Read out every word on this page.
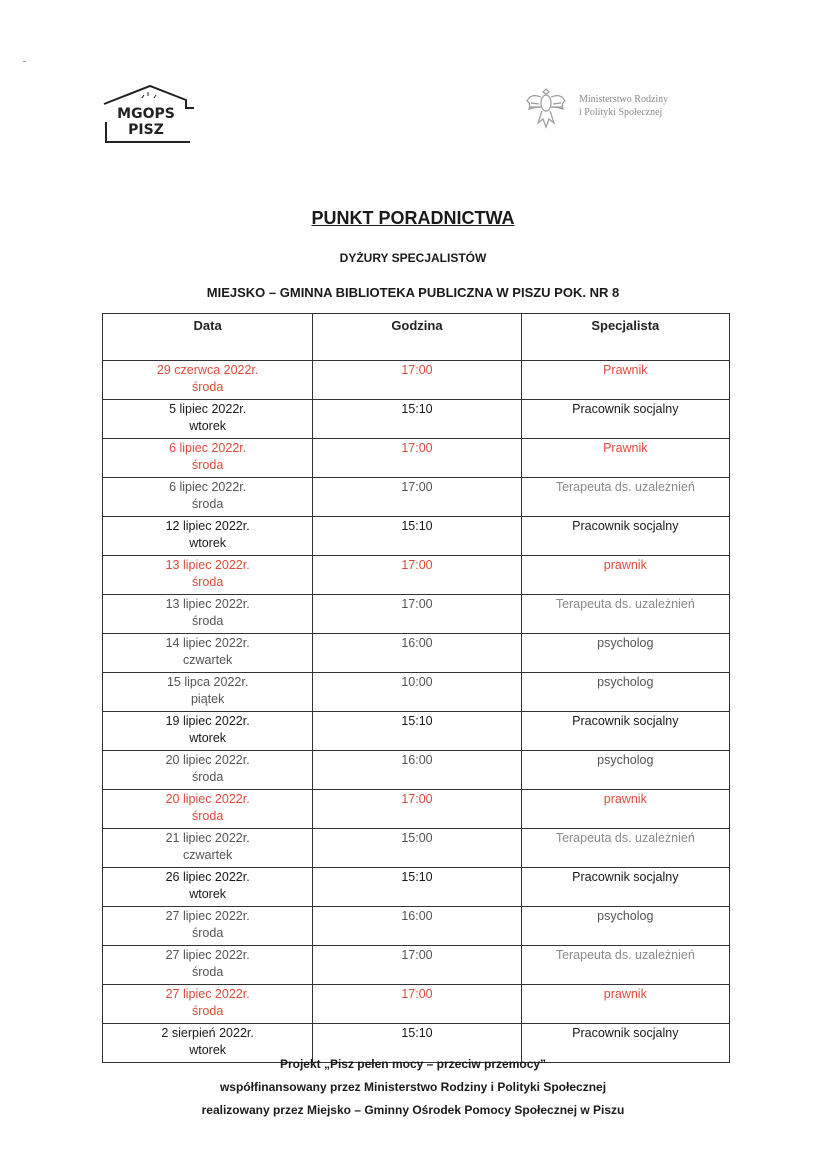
MGOPS
PISZ
Ministerstwo Rodziny
i Polityki Społecznej
PUNKT PORADNICTWA
DYŻURY SPECJALISTÓW
MIEJSKO – GMINNA BIBLIOTEKA PUBLICZNA W PISZU POK. NR 8
Data	Godzina	Specjalista

29 czerwca 2022r.
środa	17:00	Prawnik

5 lipiec 2022r.
wtorek	15:10	Pracownik socjalny

6 lipiec 2022r.
środa	17:00	Prawnik

6 lipiec 2022r.
środa	17:00	Terapeuta ds. uzależnień

12 lipiec 2022r.
wtorek	15:10	Pracownik socjalny

13 lipiec 2022r.
środa	17:00	prawnik

13 lipiec 2022r.
środa	17:00	Terapeuta ds. uzależnień

14 lipiec 2022r.
czwartek	16:00	psycholog

15 lipca 2022r.
piątek	10:00	psycholog

19 lipiec 2022r.
wtorek	15:10	Pracownik socjalny

20 lipiec 2022r.
środa	16:00	psycholog

20 lipiec 2022r.
środa	17:00	prawnik

21 lipiec 2022r.
czwartek	15:00	Terapeuta ds. uzależnień

26 lipiec 2022r.
wtorek	15:10	Pracownik socjalny

27 lipiec 2022r.
środa	16:00	psycholog

27 lipiec 2022r.
środa	17:00	Terapeuta ds. uzależnień

27 lipiec 2022r.
środa	17:00	prawnik

2 sierpień 2022r.
wtorek	15:10	Pracownik socjalny
Projekt „Pisz pełen mocy – przeciw przemocy”
współfinansowany przez Ministerstwo Rodziny i Polityki Społecznej
realizowany przez Miejsko – Gminny Ośrodek Pomocy Społecznej w Piszu
